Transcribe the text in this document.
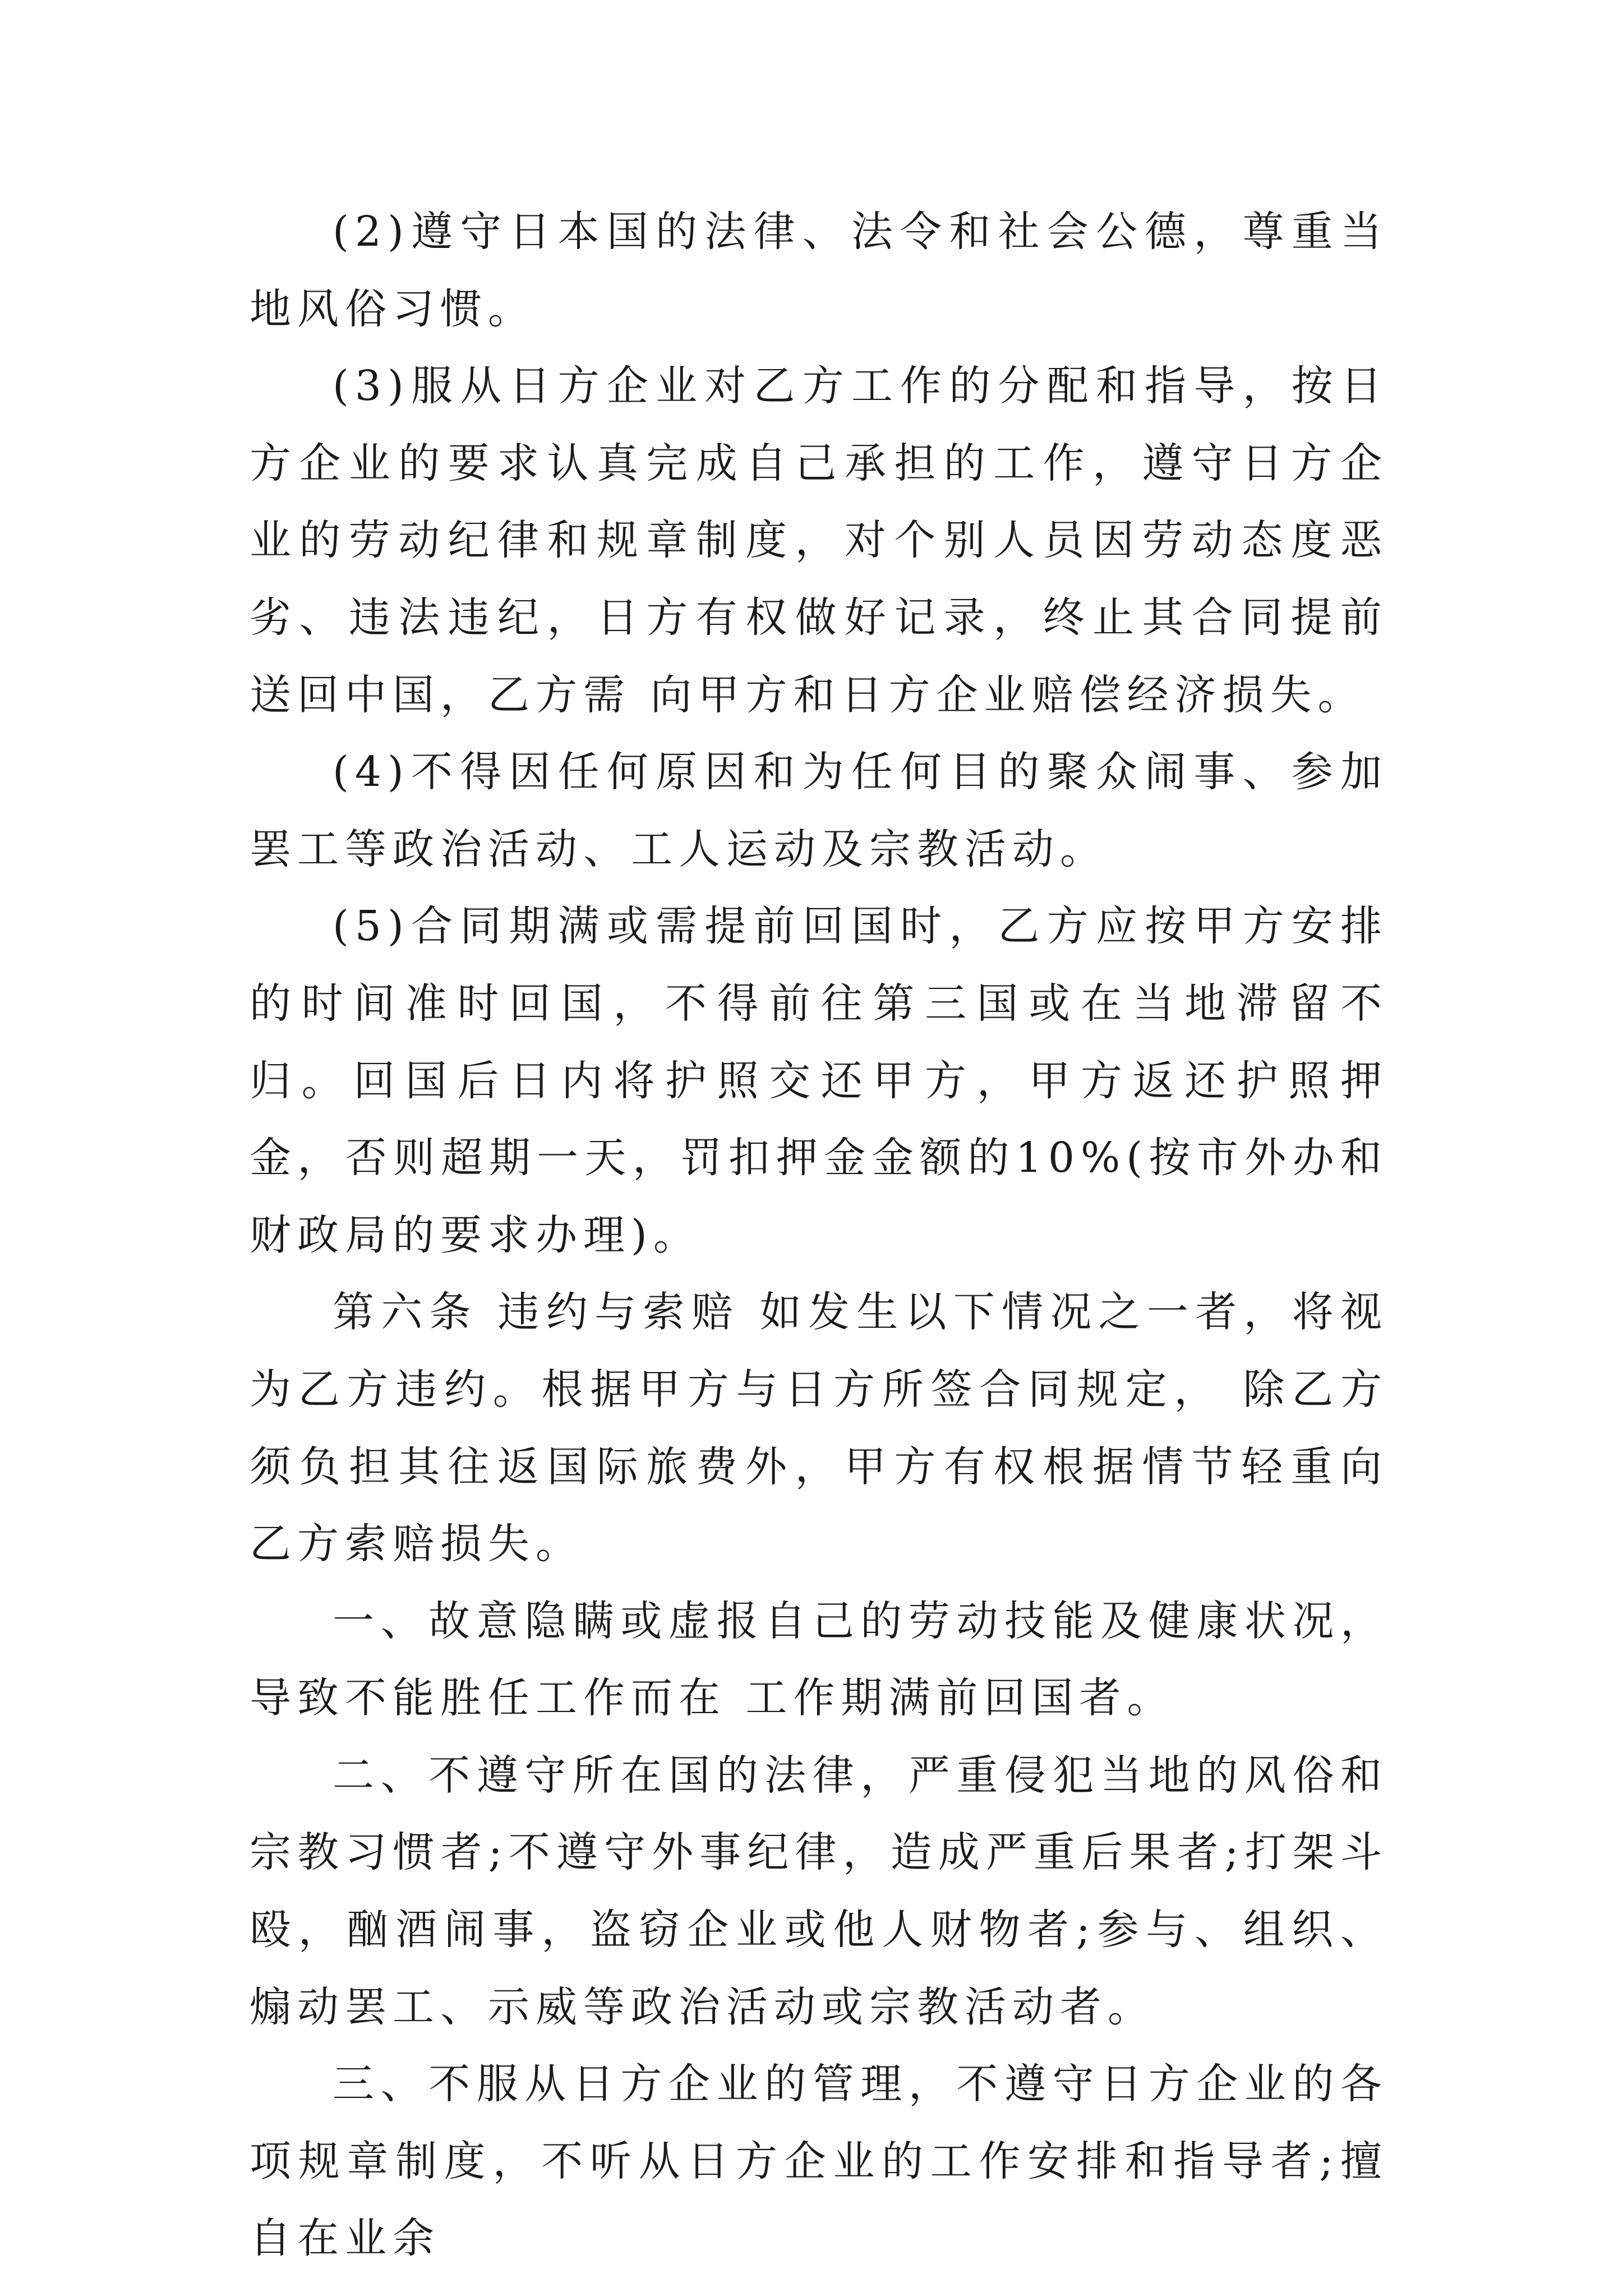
(2)遵守日本国的法律、法令和社会公德，尊重当地风俗习惯。

(3)服从日方企业对乙方工作的分配和指导，按日方企业的要求认真完成自己承担的工作，遵守日方企业的劳动纪律和规章制度，对个别人员因劳动态度恶劣、违法违纪，日方有权做好记录，终止其合同提前送回中国，乙方需 向甲方和日方企业赔偿经济损失。

(4)不得因任何原因和为任何目的聚众闹事、参加罢工等政治活动、工人运动及宗教活动。

(5)合同期满或需提前回国时，乙方应按甲方安排的时间准时回国，不得前往第三国或在当地滞留不归。回国后日内将护照交还甲方，甲方返还护照押金，否则超期一天，罚扣押金金额的10%(按市外办和财政局的要求办理)。

第六条 违约与索赔 如发生以下情况之一者，将视为乙方违约。根据甲方与日方所签合同规定， 除乙方须负担其往返国际旅费外，甲方有权根据情节轻重向乙方索赔损失。

一、故意隐瞒或虚报自己的劳动技能及健康状况，导致不能胜任工作而在 工作期满前回国者。

二、不遵守所在国的法律，严重侵犯当地的风俗和宗教习惯者;不遵守外事纪律，造成严重后果者;打架斗殴，酗酒闹事，盗窃企业或他人财物者;参与、组织、煽动罢工、示威等政治活动或宗教活动者。

三、不服从日方企业的管理，不遵守日方企业的各项规章制度，不听从日方企业的工作安排和指导者;擅自在业余
